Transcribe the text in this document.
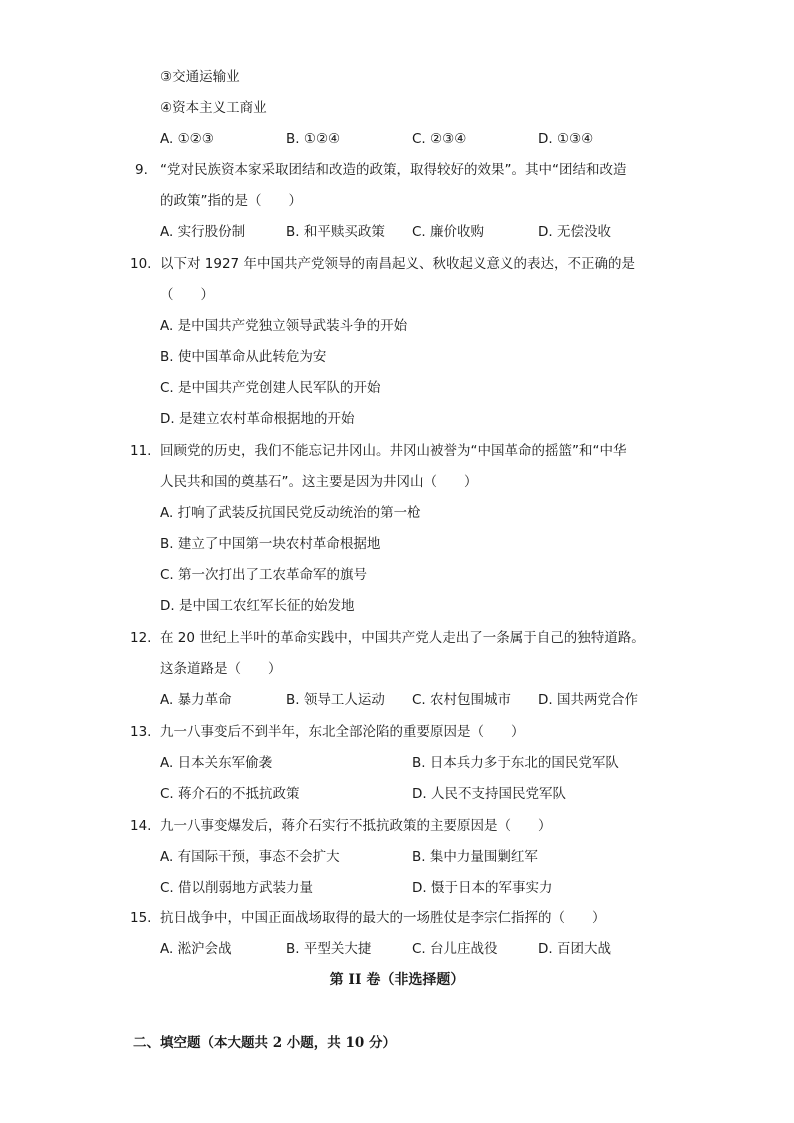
③交通运输业
④资本主义工商业
A. ①②③	B. ①②④	C. ②③④	D. ①③④
9. “党对民族资本家采取团结和改造的政策，取得较好的效果”。其中“团结和改造
的政策”指的是（　　）
A. 实行股份制	B. 和平赎买政策 C. 廉价收购	D. 无偿没收
10. 以下对 1927 年中国共产党领导的南昌起义、秋收起义意义的表达，不正确的是
（　　）
A. 是中国共产党独立领导武装斗争的开始
B. 使中国革命从此转危为安
C. 是中国共产党创建人民军队的开始
D. 是建立农村革命根据地的开始
11. 回顾党的历史，我们不能忘记井冈山。井冈山被誉为“中国革命的摇篮”和“中华
人民共和国的奠基石”。这主要是因为井冈山（　　）
A. 打响了武装反抗国民党反动统治的第一枪
B. 建立了中国第一块农村革命根据地
C. 第一次打出了工农革命军的旗号
D. 是中国工农红军长征的始发地
12. 在 20 世纪上半叶的革命实践中，中国共产党人走出了一条属于自己的独特道路。
这条道路是（　　）
A. 暴力革命	B. 领导工人运动 C. 农村包围城市 D. 国共两党合作
13. 九一八事变后不到半年，东北全部沦陷的重要原因是（　　）
A. 日本关东军偷袭	B. 日本兵力多于东北的国民党军队
C. 蒋介石的不抵抗政策	D. 人民不支持国民党军队
14. 九一八事变爆发后，蒋介石实行不抵抗政策的主要原因是（　　）
A. 有国际干预，事态不会扩大	B. 集中力量围剿红军
C. 借以削弱地方武装力量	D. 慑于日本的军事实力
15. 抗日战争中，中国正面战场取得的最大的一场胜仗是李宗仁指挥的（　　）
A. 淞沪会战	B. 平型关大捷	C. 台儿庄战役	D. 百团大战
第 II 卷（非选择题）
二、填空题（本大题共 2 小题，共 10 分）
